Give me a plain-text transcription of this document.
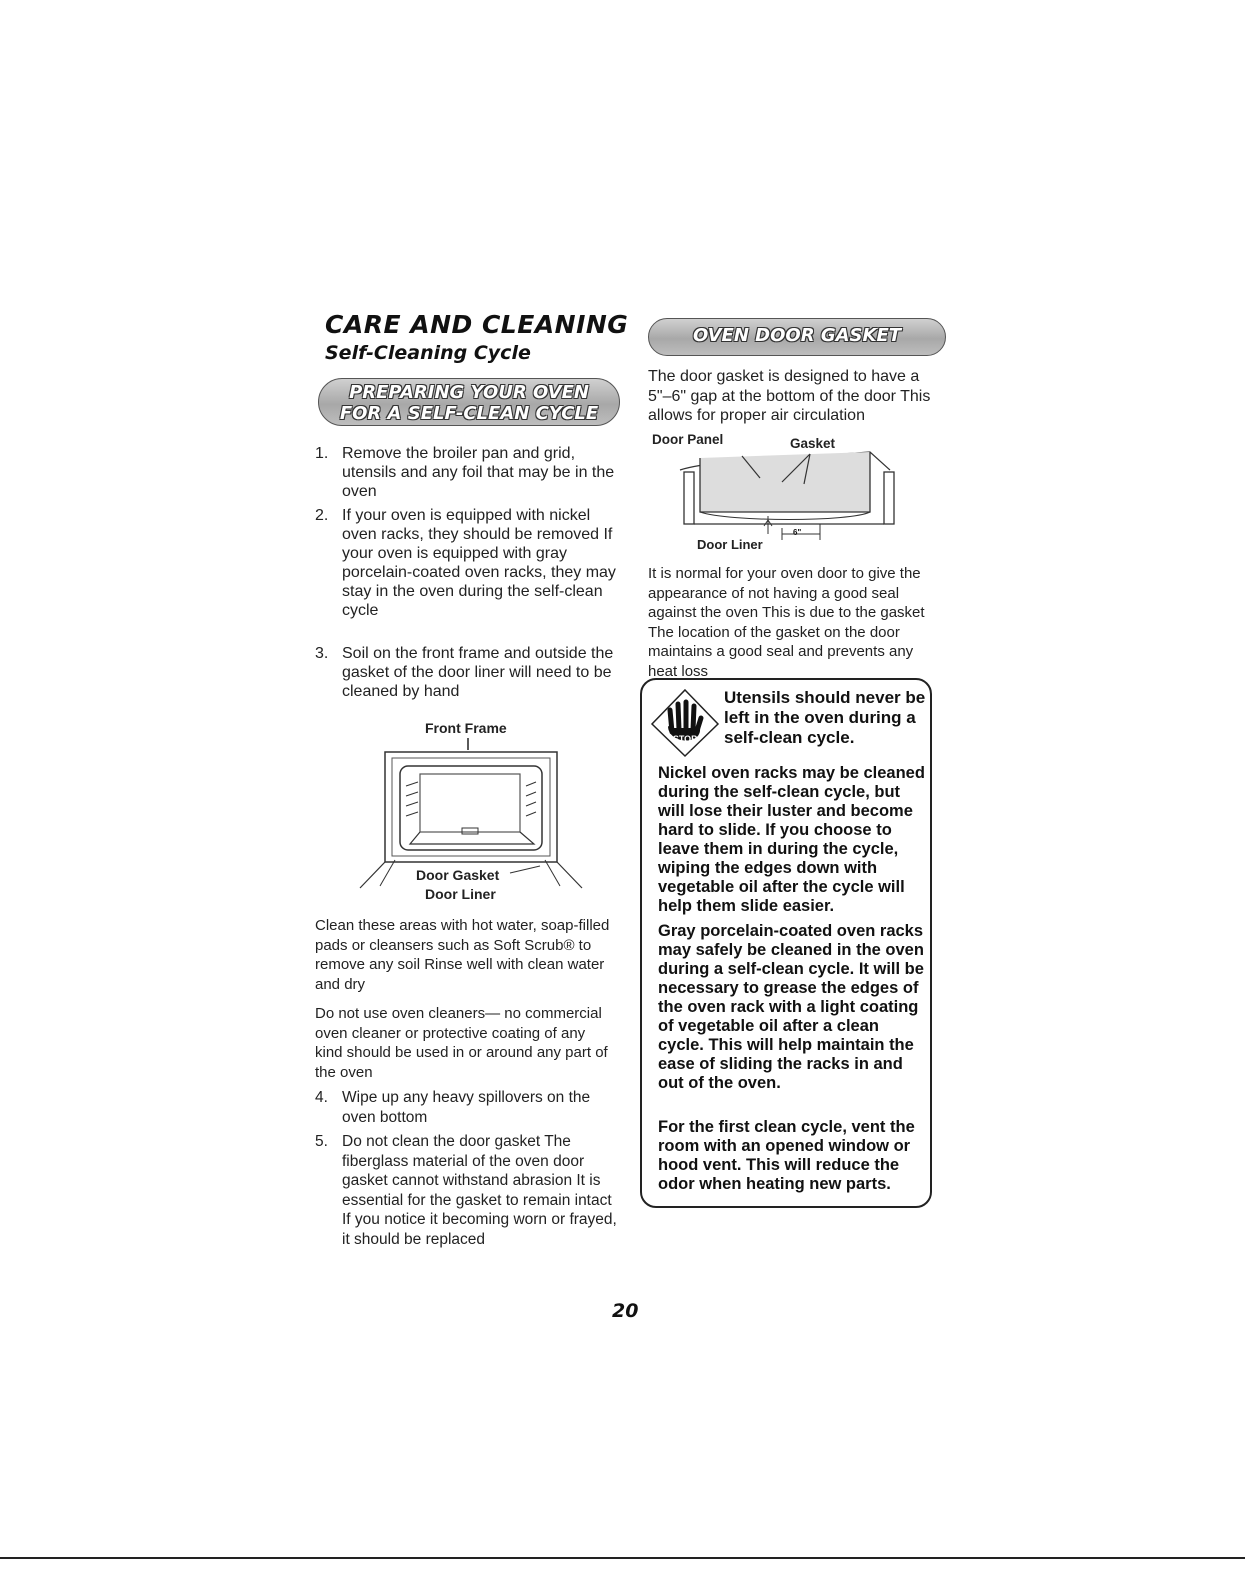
CARE AND CLEANING
Self-Cleaning Cycle
PREPARING YOUR OVEN
FOR A SELF-CLEAN CYCLE
1. Remove the broiler pan and grid, utensils and any foil that may be in the oven
2. If your oven is equipped with nickel oven racks, they should be removed If your oven is equipped with gray porcelain-coated oven racks, they may stay in the oven during the self-clean cycle
3. Soil on the front frame and outside the gasket of the door liner will need to be cleaned by hand
Front Frame
Door Gasket
Door Liner
Clean these areas with hot water, soap-filled pads or cleansers such as Soft Scrub® to remove any soil Rinse well with clean water and dry
Do not use oven cleaners— no commercial oven cleaner or protective coating of any kind should be used in or around any part of the oven
4. Wipe up any heavy spillovers on the oven bottom
5. Do not clean the door gasket The fiberglass material of the oven door gasket cannot withstand abrasion It is essential for the gasket to remain intact If you notice it becoming worn or frayed, it should be replaced
OVEN DOOR GASKET
The door gasket is designed to have a 5"–6" gap at the bottom of the door This allows for proper air circulation
Door Panel	Gasket
6"
Door Liner
It is normal for your oven door to give the appearance of not having a good seal against the oven This is due to the gasket The location of the gasket on the door maintains a good seal and prevents any heat loss
STOP
Utensils should never be left in the oven during a self-clean cycle.
Nickel oven racks may be cleaned during the self-clean cycle, but will lose their luster and become hard to slide. If you choose to leave them in during the cycle, wiping the edges down with vegetable oil after the cycle will help them slide easier.
Gray porcelain-coated oven racks may safely be cleaned in the oven during a self-clean cycle. It will be necessary to grease the edges of the oven rack with a light coating of vegetable oil after a clean cycle. This will help maintain the ease of sliding the racks in and out of the oven.
For the first clean cycle, vent the room with an opened window or hood vent. This will reduce the odor when heating new parts.
20
